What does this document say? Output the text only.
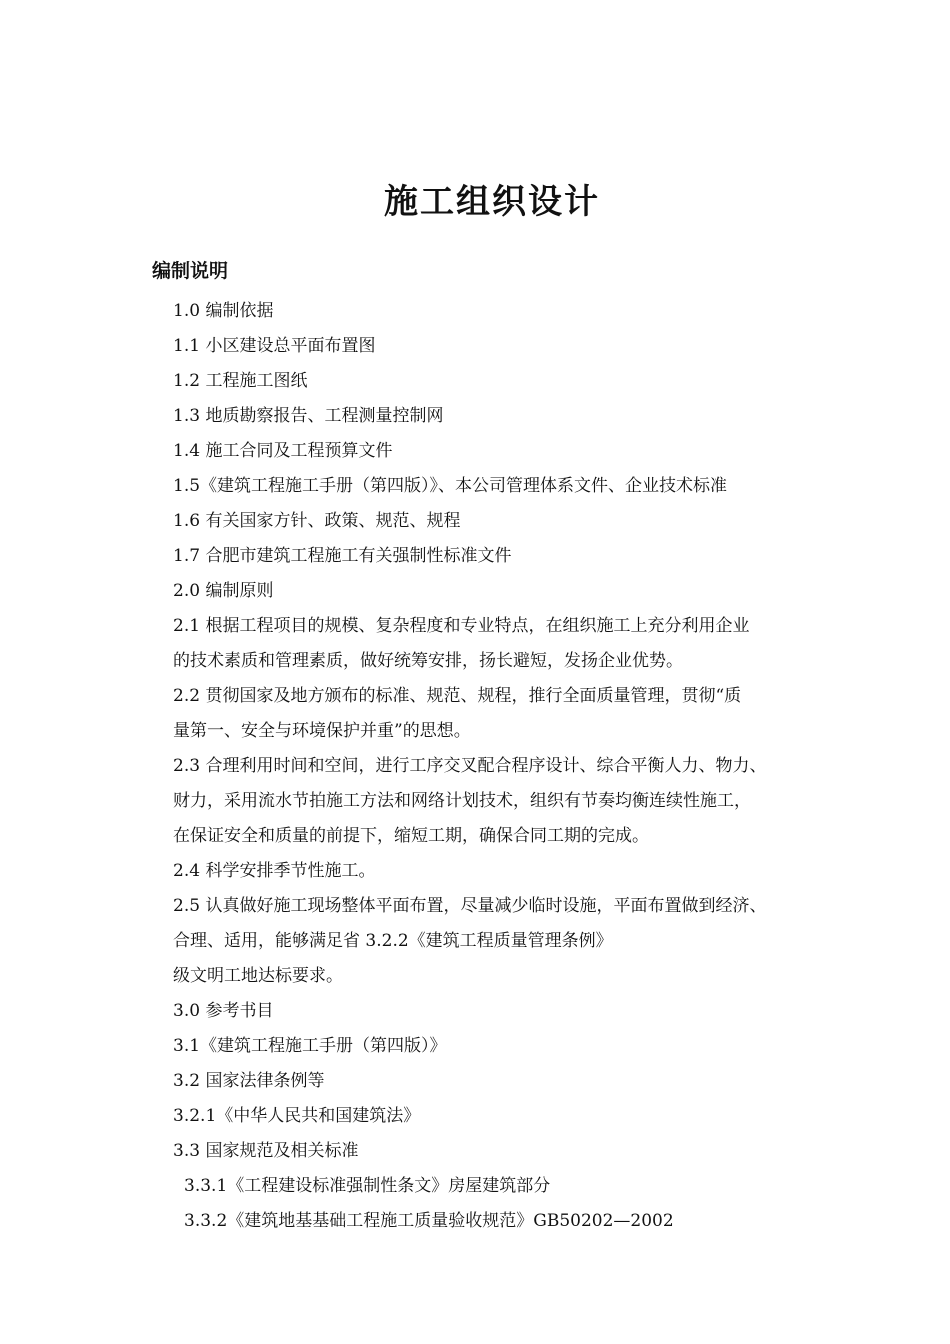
施工组织设计
编制说明
1.0 编制依据
1.1 小区建设总平面布置图
1.2 工程施工图纸
1.3 地质勘察报告、工程测量控制网
1.4 施工合同及工程预算文件
1.5《建筑工程施工手册（第四版）》、本公司管理体系文件、企业技术标准
1.6 有关国家方针、政策、规范、规程
1.7 合肥市建筑工程施工有关强制性标准文件
2.0 编制原则
2.1 根据工程项目的规模、复杂程度和专业特点，在组织施工上充分利用企业
的技术素质和管理素质，做好统筹安排，扬长避短，发扬企业优势。
2.2 贯彻国家及地方颁布的标准、规范、规程，推行全面质量管理，贯彻“质
量第一、安全与环境保护并重”的思想。
2.3 合理利用时间和空间，进行工序交叉配合程序设计、综合平衡人力、物力、
财力，采用流水节拍施工方法和网络计划技术，组织有节奏均衡连续性施工，
在保证安全和质量的前提下，缩短工期，确保合同工期的完成。
2.4 科学安排季节性施工。
2.5 认真做好施工现场整体平面布置，尽量减少临时设施，平面布置做到经济、
合理、适用，能够满足省 3.2.2《建筑工程质量管理条例》
级文明工地达标要求。
3.0 参考书目
3.1《建筑工程施工手册（第四版）》
3.2 国家法律条例等
3.2.1《中华人民共和国建筑法》
3.3 国家规范及相关标准
3.3.1《工程建设标准强制性条文》房屋建筑部分
3.3.2《建筑地基基础工程施工质量验收规范》GB50202—2002
